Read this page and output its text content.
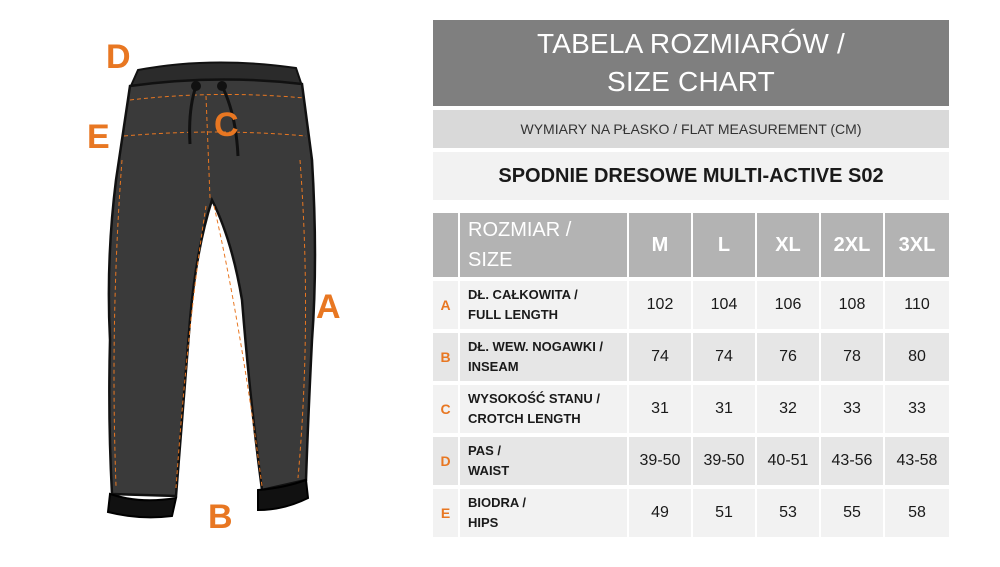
D
E	C
A
B
TABELA ROZMIARÓW /
SIZE CHART
WYMIARY NA PŁASKO / FLAT MEASUREMENT (CM)
SPODNIE DRESOWE MULTI-ACTIVE S02

	ROZMIAR /
SIZE	M	L	XL	2XL	3XL
A	DŁ. CAŁKOWITA /
FULL LENGTH	102	104	106	108	110
B	DŁ. WEW. NOGAWKI /
INSEAM	74	74	76	78	80
C	WYSOKOŚĆ STANU /
CROTCH LENGTH	31	31	32	33	33
D	PAS /
WAIST	39-50	39-50	40-51	43-56	43-58
E	BIODRA /
HIPS	49	51	53	55	58
